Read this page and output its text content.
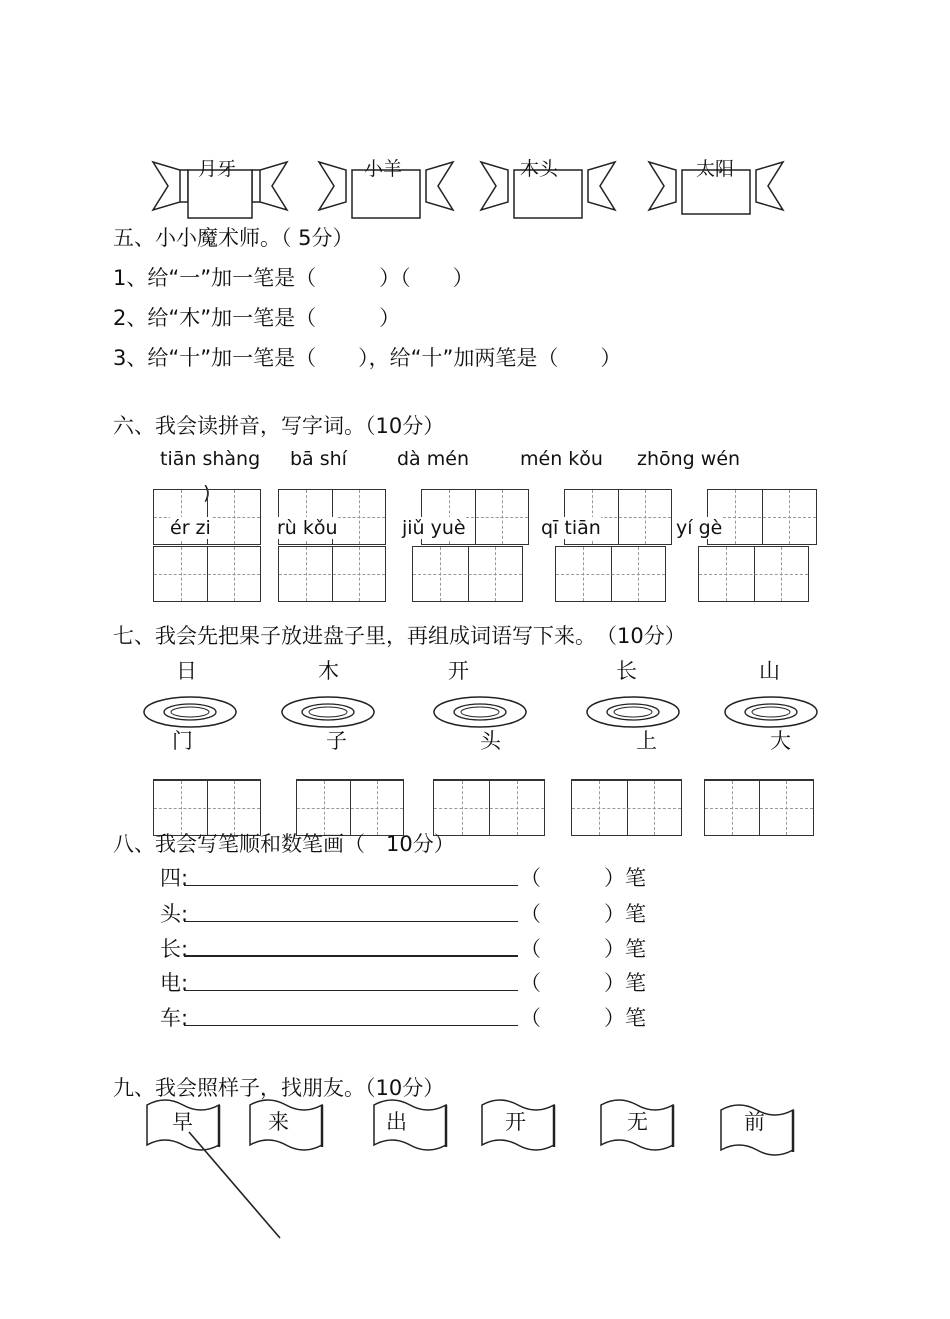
月牙	小羊	木头	太阳
五、小小魔术师。（ 5分）
1、给“一”加一笔是（　　　）（　　）
2、给“木”加一笔是（　　　）
3、给“十”加一笔是（　　），给“十”加两笔是（　　）
六、我会读拼音，写字词。（10分）
tiān shàng bā shí	dà mén	mén kǒu zhōng wén
)
ér zi	rù kǒu	jiǔ yuè	qī tiān	yí gè
七、我会先把果子放进盘子里，再组成词语写下来。　（10分）
日	木	开	长	山
门	子	头	上	大
八、我会写笔顺和数笔画（　10分）
四:	（　　　）笔
头:	（　　　）笔
长:	（　　　）笔
电:	（　　　）笔
车:	（　　　）笔
九、我会照样子，找朋友。（10分）
早	来	出	开	无	前
